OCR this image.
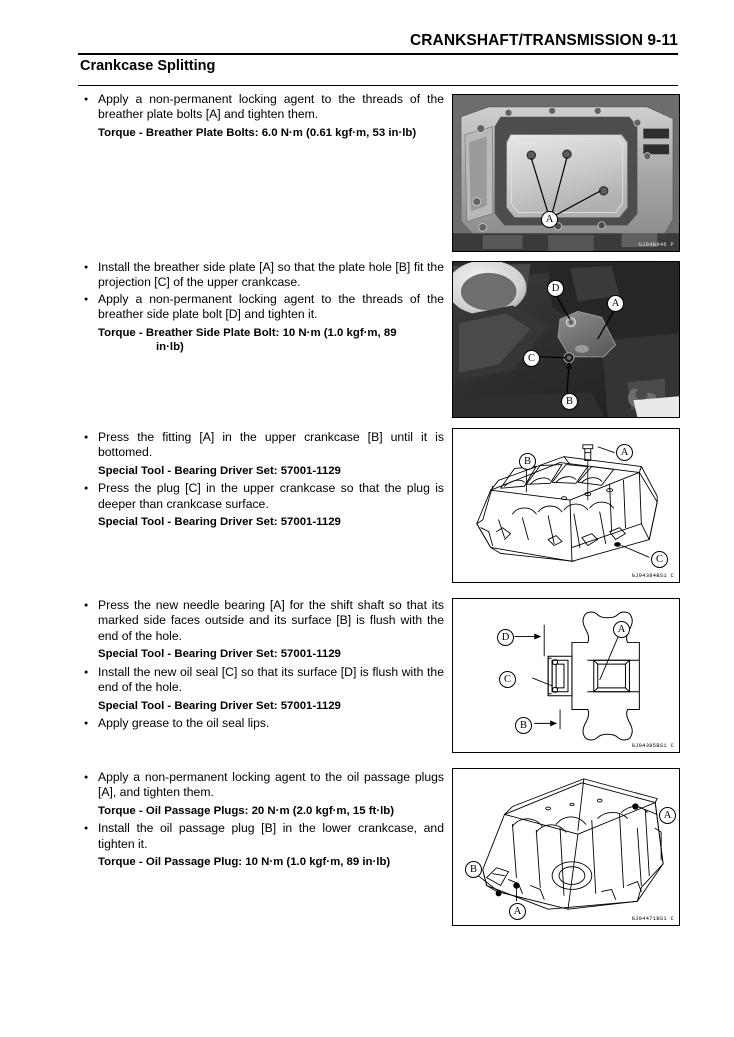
CRANKSHAFT/TRANSMISSION 9-11
Crankcase Splitting
● Apply a non-permanent locking agent to the threads of the breather plate bolts [A] and tighten them.
Torque - Breather Plate Bolts: 6.0 N·m (0.61 kgf·m, 53 in·lb)
A
GJ04B946 P
● Install the breather side plate [A] so that the plate hole [B] fit the projection [C] of the upper crankcase.
● Apply a non-permanent locking agent to the threads of the breather side plate bolt [D] and tighten it.
Torque - Breather Side Plate Bolt: 10 N·m (1.0 kgf·m, 89
in·lb)
D
A
C
B
GJ04B947 P
● Press the fitting [A] in the upper crankcase [B] until it is bottomed.
Special Tool - Bearing Driver Set: 57001-1129
● Press the plug [C] in the upper crankcase so that the plug is deeper than crankcase surface.
Special Tool - Bearing Driver Set: 57001-1129
A
B
C
GJ04384BS1 C
● Press the new needle bearing [A] for the shift shaft so that its marked side faces outside and its surface [B] is flush with the end of the hole.
Special Tool - Bearing Driver Set: 57001-1129
● Install the new oil seal [C] so that its surface [D] is flush with the end of the hole.
Special Tool - Bearing Driver Set: 57001-1129
● Apply grease to the oil seal lips.
A
B
C
D
GJ04385BS1 C
● Apply a non-permanent locking agent to the oil passage plugs [A], and tighten them.
Torque - Oil Passage Plugs: 20 N·m (2.0 kgf·m, 15 ft·lb)
● Install the oil passage plug [B] in the lower crankcase, and tighten it.
Torque - Oil Passage Plug: 10 N·m (1.0 kgf·m, 89 in·lb)
A
B
A
GJ04471BS1 C
